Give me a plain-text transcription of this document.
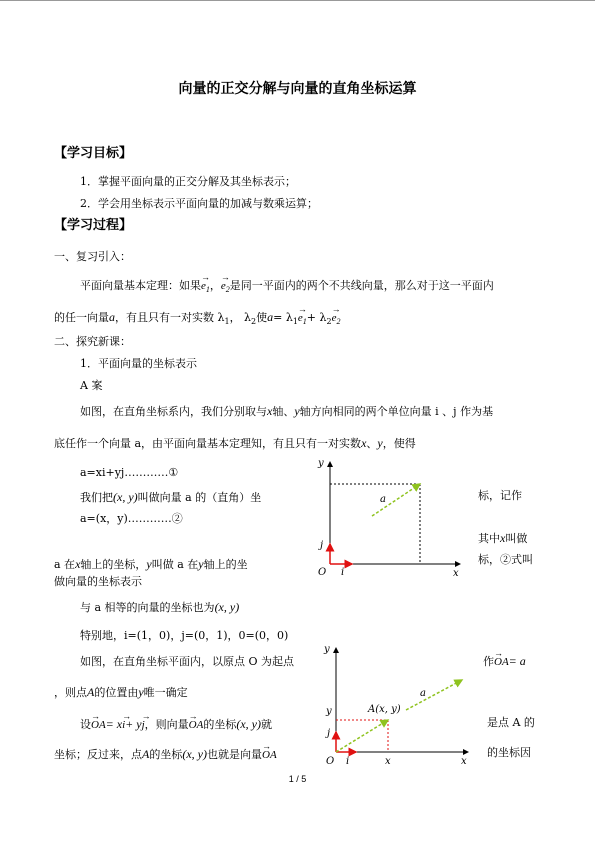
向量的正交分解与向量的直角坐标运算
【学习目标】
1．掌握平面向量的正交分解及其坐标表示；
2．学会用坐标表示平面向量的加减与数乘运算；
【学习过程】
一、复习引入：
平面向量基本定理：如果→ $e_1$，→ $e_2$是同一平面内的两个不共线向量，那么对于这一平面内
的任一向量a，有且只有一对实数 $\lambda_1$， $\lambda_2$使$a= \lambda_1\to e_1+ \lambda_2\to e_2$
二、探究新课：
1．平面向量的坐标表示
A 案
如图，在直角坐标系内，我们分别取与x轴、y轴方向相同的两个单位向量 i 、j 作为基
底任作一个向量 a，由平面向量基本定理知，有且只有一对实数x、y，使得
a=xi+yj…………①
我们把(x, y)叫做向量 a 的（直角）坐	标，记作
a=(x，y)…………②
其中x叫做
a 在x轴上的坐标，y叫做 a 在y轴上的坐	标，②式叫
做向量的坐标表示
与 a 相等的向量的坐标也为(x, y)
特别地，i=(1，0)，j=(0，1)，0=(0，0)
如图，在直角坐标平面内，以原点 O 为起点	作→ OA= a
，则点A的位置由y唯一确定
设→ OA= x→ i+ y→ j，则向量→ OA的坐标(x, y)就	是点 A 的
坐标；反过来，点A的坐标(x, y)也就是向量→ OA	的坐标因
y
x
O i
j
a
y
x
O i
j
y
x
A(x, y)
a
1 / 5
